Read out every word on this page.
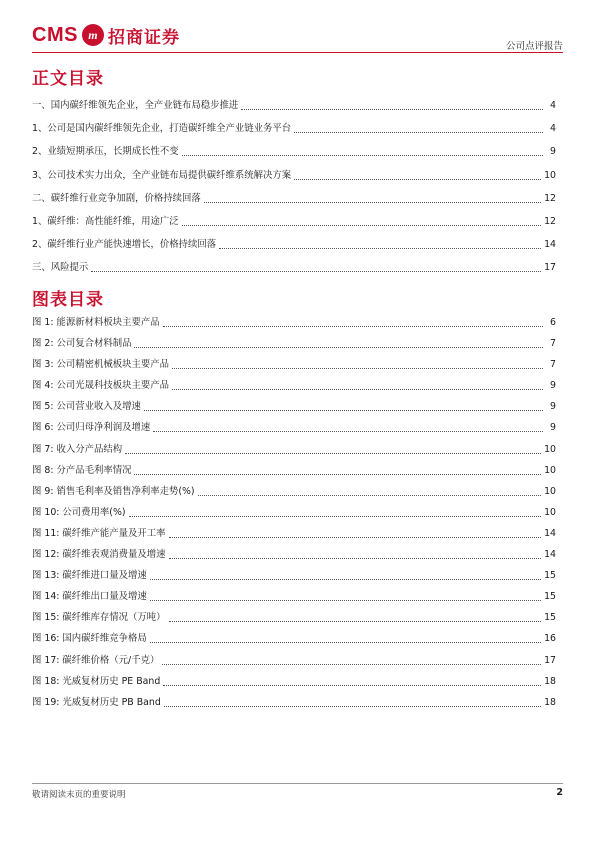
CMS m 招商证券	公司点评报告
正文目录
一、国内碳纤维领先企业，全产业链布局稳步推进	4
1、公司是国内碳纤维领先企业，打造碳纤维全产业链业务平台	4
2、业绩短期承压，长期成长性不变	9
3、公司技术实力出众，全产业链布局提供碳纤维系统解决方案	10
二、碳纤维行业竞争加剧，价格持续回落	12
1、碳纤维：高性能纤维，用途广泛	12
2、碳纤维行业产能快速增长，价格持续回落	14
三、风险提示	17
图表目录
图 1: 能源新材料板块主要产品	6
图 2: 公司复合材料制品	7
图 3: 公司精密机械板块主要产品	7
图 4: 公司光晟科技板块主要产品	9
图 5: 公司营业收入及增速	9
图 6: 公司归母净利润及增速	9
图 7: 收入分产品结构	10
图 8: 分产品毛利率情况	10
图 9: 销售毛利率及销售净利率走势(%)	10
图 10: 公司费用率(%)	10
图 11: 碳纤维产能产量及开工率	14
图 12: 碳纤维表观消费量及增速	14
图 13: 碳纤维进口量及增速	15
图 14: 碳纤维出口量及增速	15
图 15: 碳纤维库存情况（万吨）	15
图 16: 国内碳纤维竞争格局	16
图 17: 碳纤维价格（元/千克）	17
图 18: 光威复材历史 PE Band	18
图 19: 光威复材历史 PB Band	18
敬请阅读末页的重要说明	2
